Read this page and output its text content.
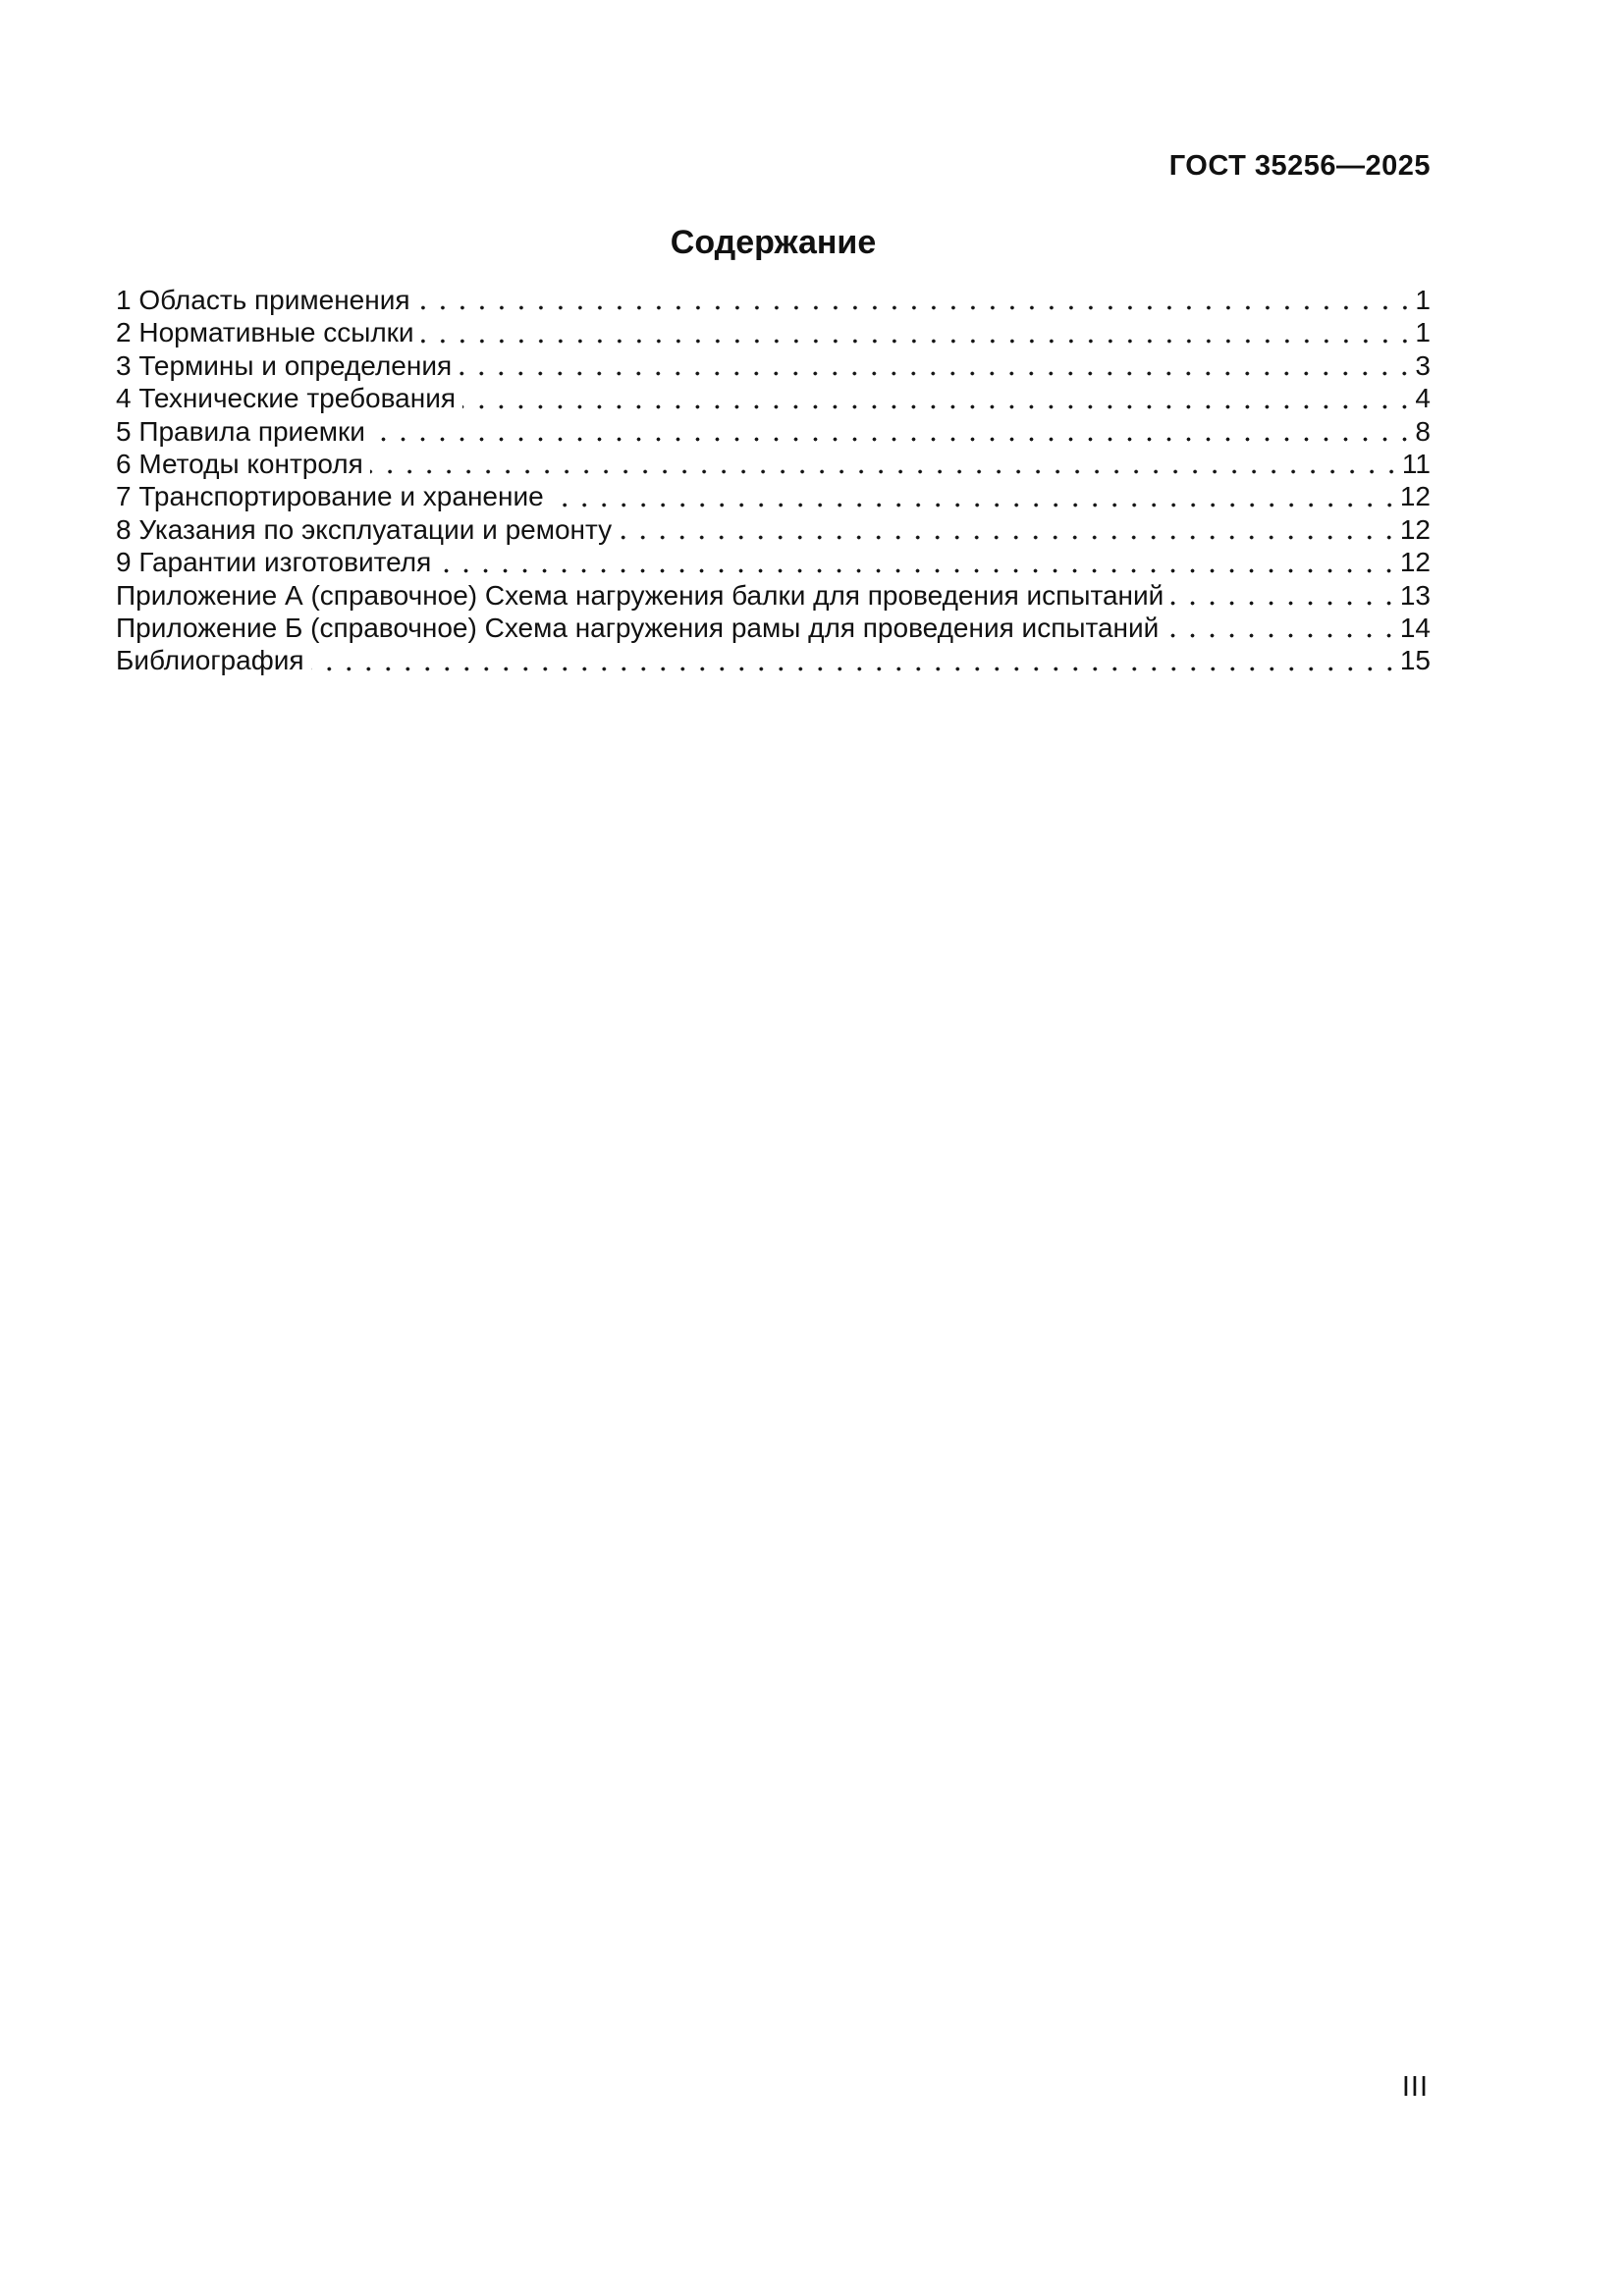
ГОСТ 35256—2025
Содержание
1 Область применения	1
2 Нормативные ссылки	1
3 Термины и определения	3
4 Технические требования	4
5 Правила приемки	8
6 Методы контроля	11
7 Транспортирование и хранение	12
8 Указания по эксплуатации и ремонту	12
9 Гарантии изготовителя	12
Приложение А (справочное) Схема нагружения балки для проведения испытаний	13
Приложение Б (справочное) Схема нагружения рамы для проведения испытаний	14
Библиография	15
III
